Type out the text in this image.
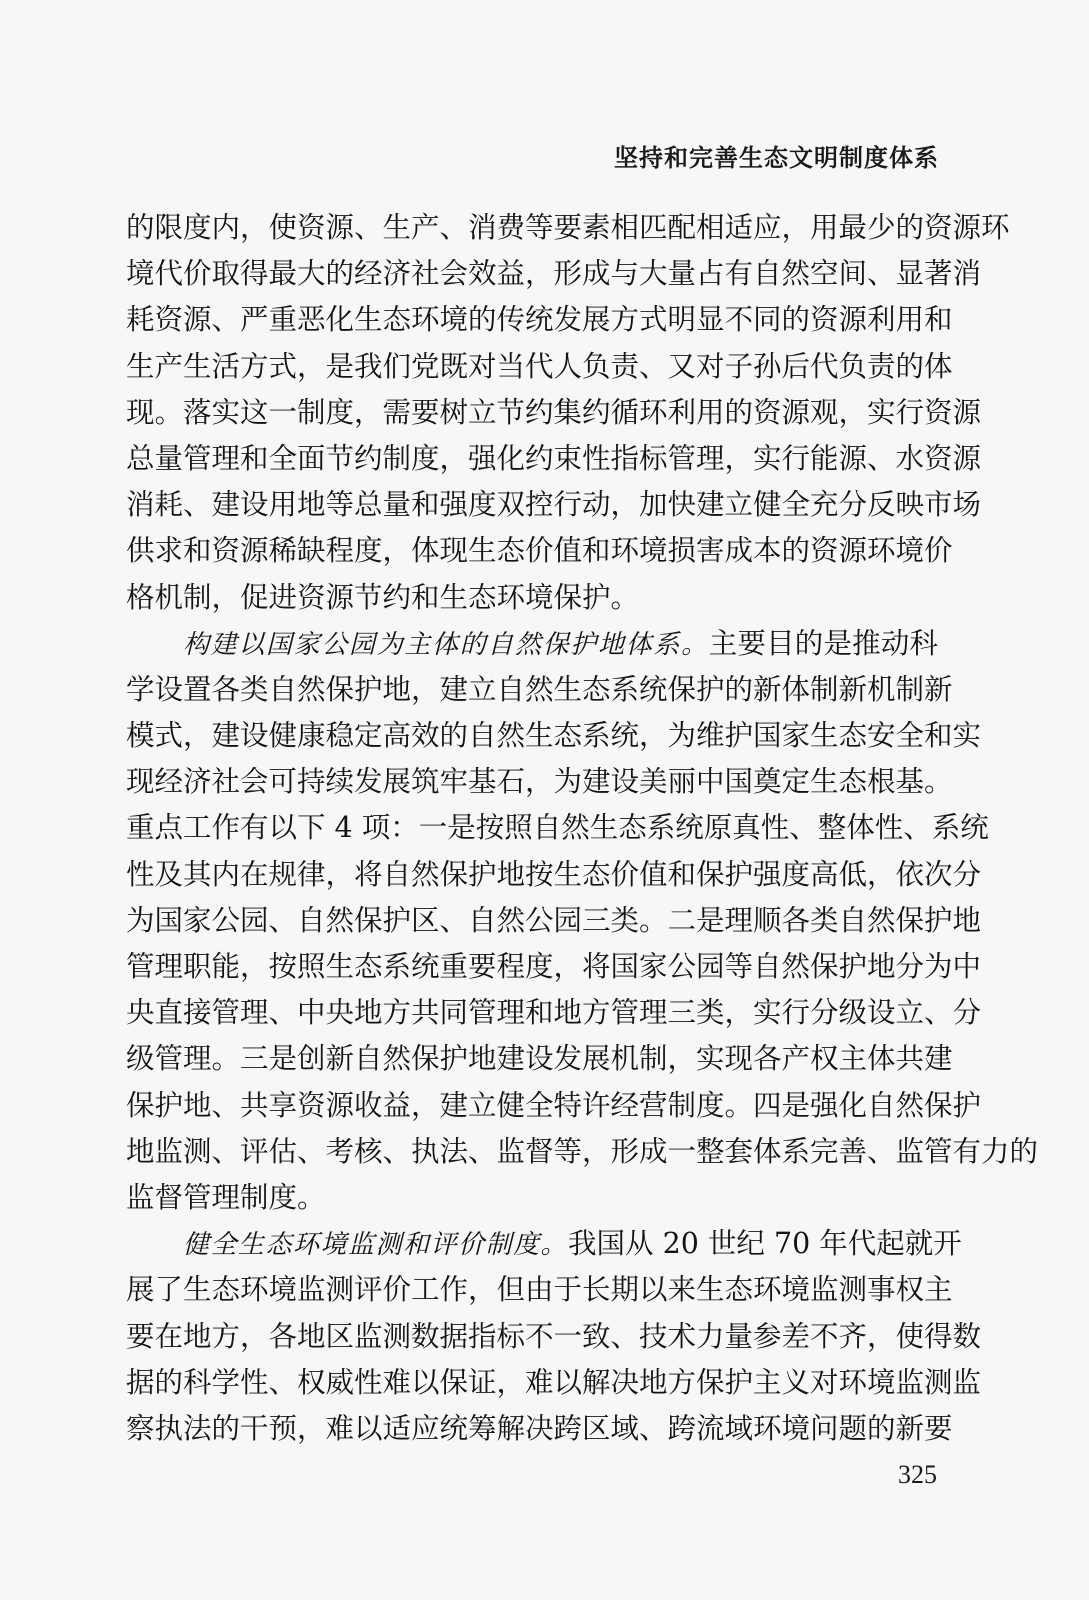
坚持和完善生态文明制度体系
的限度内，使资源、生产、消费等要素相匹配相适应，用最少的资源环
境代价取得最大的经济社会效益，形成与大量占有自然空间、显著消
耗资源、严重恶化生态环境的传统发展方式明显不同的资源利用和
生产生活方式，是我们党既对当代人负责、又对子孙后代负责的体
现。落实这一制度，需要树立节约集约循环利用的资源观，实行资源
总量管理和全面节约制度，强化约束性指标管理，实行能源、水资源
消耗、建设用地等总量和强度双控行动，加快建立健全充分反映市场
供求和资源稀缺程度，体现生态价值和环境损害成本的资源环境价
格机制，促进资源节约和生态环境保护。
构建以国家公园为主体的自然保护地体系。主要目的是推动科
学设置各类自然保护地，建立自然生态系统保护的新体制新机制新
模式，建设健康稳定高效的自然生态系统，为维护国家生态安全和实
现经济社会可持续发展筑牢基石，为建设美丽中国奠定生态根基。
重点工作有以下 4 项：一是按照自然生态系统原真性、整体性、系统
性及其内在规律，将自然保护地按生态价值和保护强度高低，依次分
为国家公园、自然保护区、自然公园三类。二是理顺各类自然保护地
管理职能，按照生态系统重要程度，将国家公园等自然保护地分为中
央直接管理、中央地方共同管理和地方管理三类，实行分级设立、分
级管理。三是创新自然保护地建设发展机制，实现各产权主体共建
保护地、共享资源收益，建立健全特许经营制度。四是强化自然保护
地监测、评估、考核、执法、监督等，形成一整套体系完善、监管有力的
监督管理制度。
健全生态环境监测和评价制度。我国从 20 世纪 70 年代起就开
展了生态环境监测评价工作，但由于长期以来生态环境监测事权主
要在地方，各地区监测数据指标不一致、技术力量参差不齐，使得数
据的科学性、权威性难以保证，难以解决地方保护主义对环境监测监
察执法的干预，难以适应统筹解决跨区域、跨流域环境问题的新要
325
